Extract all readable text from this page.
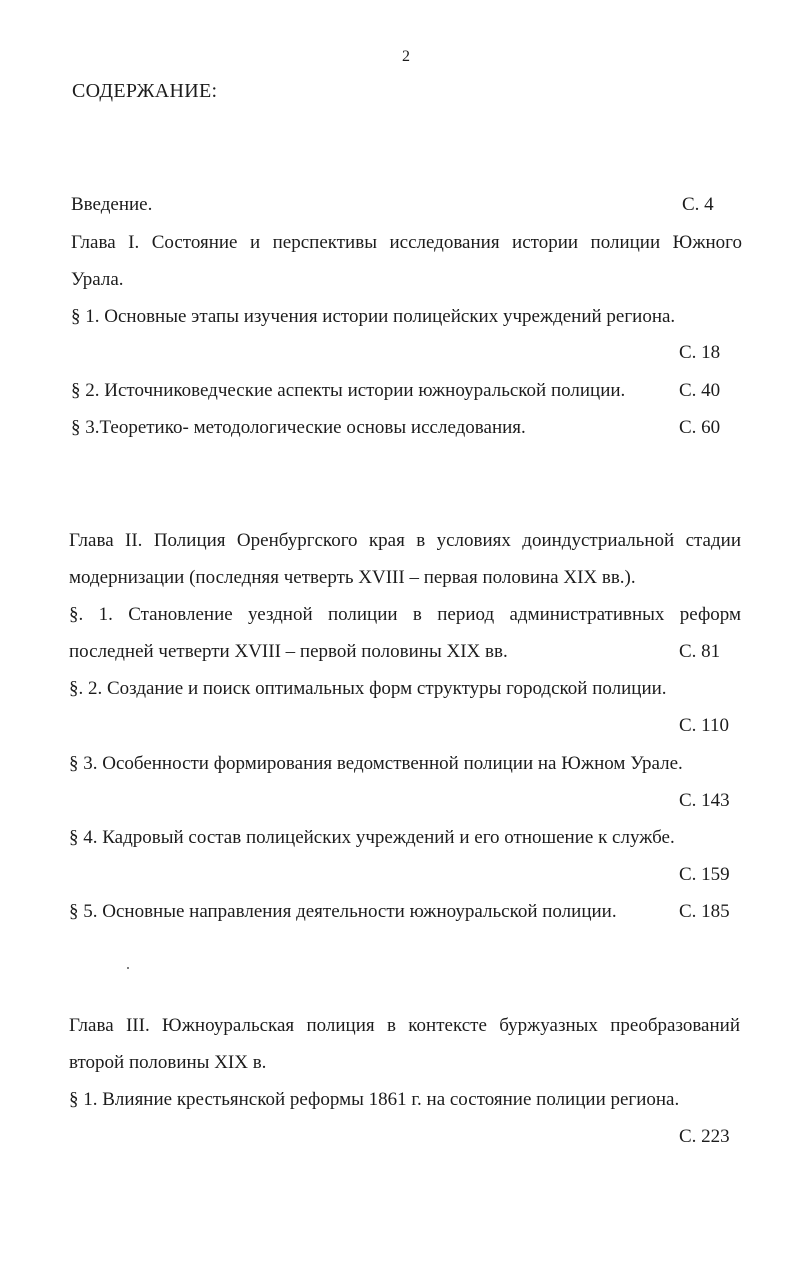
2
СОДЕРЖАНИЕ:
Введение.	С. 4
Глава I. Состояние и перспективы исследования истории полиции Южного
Урала.
§ 1. Основные этапы изучения истории полицейских учреждений региона.
С. 18
§ 2. Источниковедческие аспекты истории южноуральской полиции.	С. 40
§ 3.Теоретико- методологические основы исследования.	С. 60
Глава II. Полиция Оренбургского края в условиях доиндустриальной стадии
модернизации (последняя четверть XVIII – первая половина XIX вв.).
§. 1. Становление уездной полиции в период административных реформ
последней четверти XVIII – первой половины XIX вв.	С. 81
§. 2. Создание и поиск оптимальных форм структуры городской полиции.
С. 110
§ 3. Особенности формирования ведомственной полиции на Южном Урале.
С. 143
§ 4. Кадровый состав полицейских учреждений и его отношение к службе.
С. 159
§ 5. Основные направления деятельности южноуральской полиции.	С. 185
Глава III. Южноуральская полиция в контексте буржуазных преобразований
второй половины XIX в.
§ 1. Влияние крестьянской реформы 1861 г. на состояние полиции региона.
С. 223
